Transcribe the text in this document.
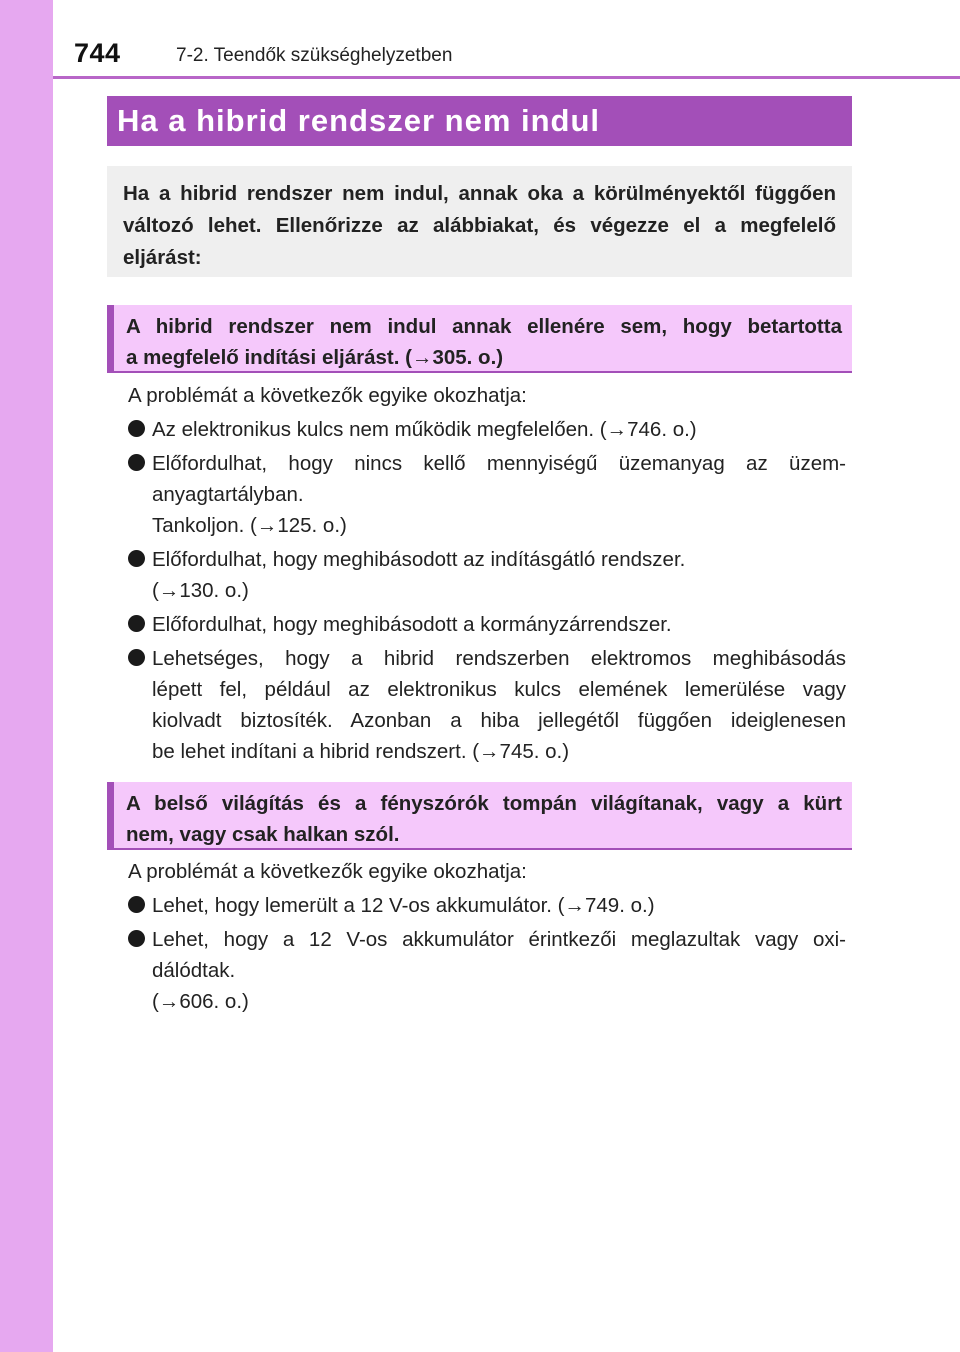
744	7-2. Teendők szükséghelyzetben
Ha a hibrid rendszer nem indul

Ha a hibrid rendszer nem indul, annak oka a körülményektől függően változó lehet. Ellenőrizze az alábbiakat, és végezze el a megfelelő eljárást:

A hibrid rendszer nem indul annak ellenére sem, hogy betartotta

a megfelelő indítási eljárást. (→305. o.)

A problémát a következők egyike okozhatja:

Az elektronikus kulcs nem működik megfelelően. (→746. o.)
Előfordulhat, hogy nincs kellő mennyiségű üzemanyag az üzem-
anyagtartályban.
Tankoljon. (→125. o.)
Előfordulhat, hogy meghibásodott az indításgátló rendszer.
(→130. o.)
Előfordulhat, hogy meghibásodott a kormányzárrendszer.
Lehetséges, hogy a hibrid rendszerben elektromos meghibásodás
lépett fel, például az elektronikus kulcs elemének lemerülése vagy
kiolvadt biztosíték. Azonban a hiba jellegétől függően ideiglenesen
be lehet indítani a hibrid rendszert. (→745. o.)

A belső világítás és a fényszórók tompán világítanak, vagy a kürt

nem, vagy csak halkan szól.

A problémát a következők egyike okozhatja:

Lehet, hogy lemerült a 12 V-os akkumulátor. (→749. o.)
Lehet, hogy a 12 V-os akkumulátor érintkezői meglazultak vagy oxi-
dálódtak.
(→606. o.)
